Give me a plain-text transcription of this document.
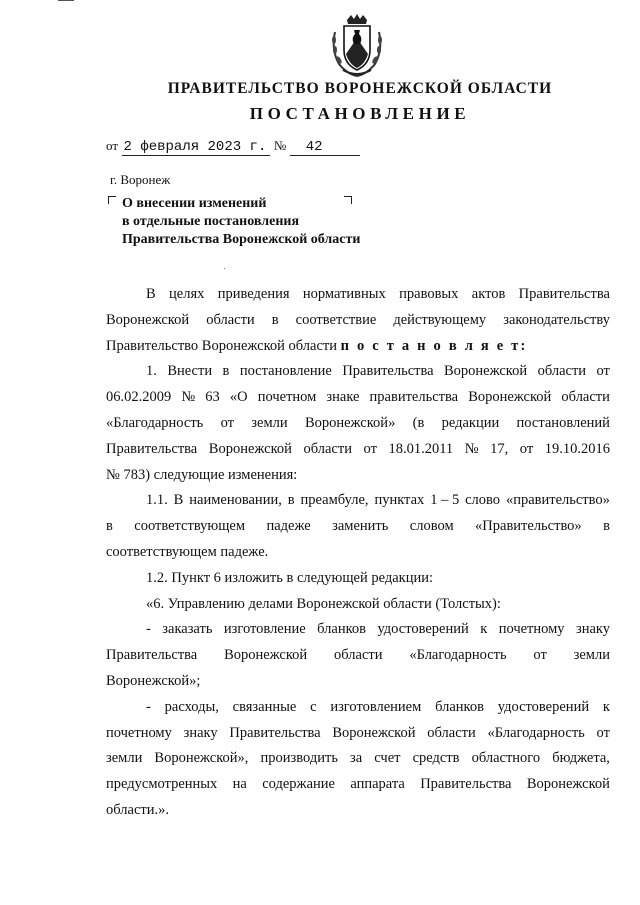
ПРАВИТЕЛЬСТВО ВОРОНЕЖСКОЙ ОБЛАСТИ
ПОСТАНОВЛЕНИЕ
от 2 февраля 2023 г. № 42
г. Воронеж
О внесении изменений
в отдельные постановления
Правительства Воронежской области
В целях приведения нормативных правовых актов Правительства
Воронежской области в соответствие действующему законодательству
Правительство Воронежской области п о с т а н о в л я е т:
1. Внести в постановление Правительства Воронежской области от
06.02.2009 № 63 «О почетном знаке правительства Воронежской области
«Благодарность от земли Воронежской» (в редакции постановлений
Правительства Воронежской области от 18.01.2011 № 17, от 19.10.2016
№ 783) следующие изменения:
1.1. В наименовании, в преамбуле, пунктах 1 – 5 слово «правительство»
в соответствующем падеже заменить словом «Правительство» в
соответствующем падеже.
1.2. Пункт 6 изложить в следующей редакции:
«6. Управлению делами Воронежской области (Толстых):
- заказать изготовление бланков удостоверений к почетному знаку
Правительства Воронежской области «Благодарность от земли
Воронежской»;
- расходы, связанные с изготовлением бланков удостоверений к
почетному знаку Правительства Воронежской области «Благодарность от
земли Воронежской», производить за счет средств областного бюджета,
предусмотренных на содержание аппарата Правительства Воронежской
области.».
